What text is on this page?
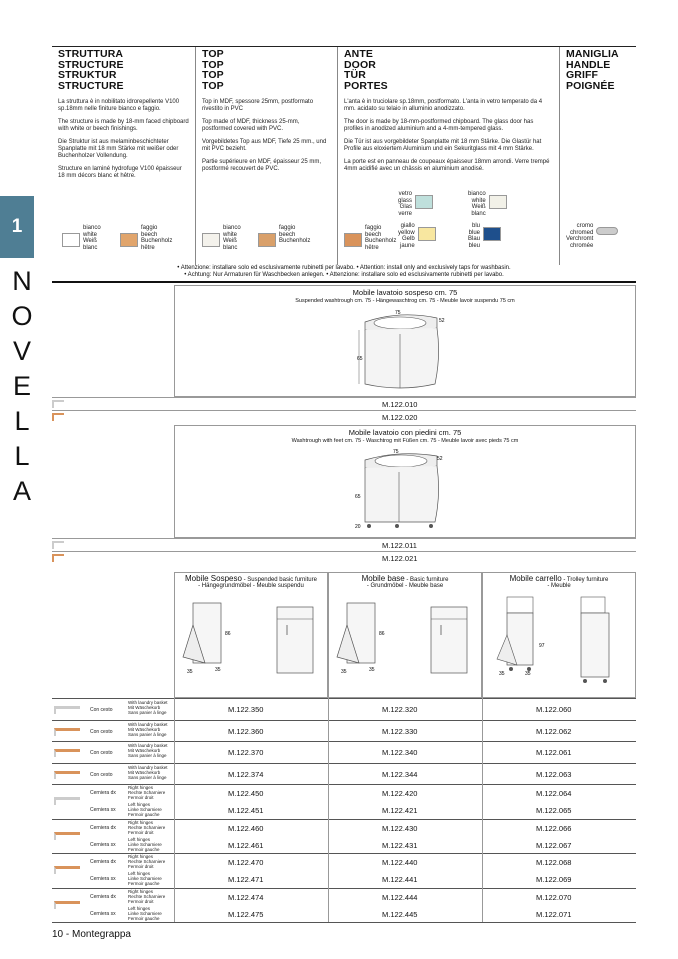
1
N
O
V
E
L
L
A
STRUTTURA
STRUCTURE
STRUKTUR
STRUCTURE
La struttura è in nobilitato idrorepellente V100 sp.18mm nelle finiture bianco e faggio.
The structure is made by 18-mm faced chipboard with white or beech finishings.
Die Struktur ist aus melaminbeschichteter Spanplatte mit 18 mm Stärke mit weißer oder Buchenholzer Vollendung.
Structure en laminé hydrofuge V100 épaisseur 18 mm décors blanc et hêtre.
bianco
white
Weiß
blanc
faggio
beech
Buchenholz
hêtre
TOP
TOP
TOP
TOP
Top in MDF, spessore 25mm, postformato rivestito in PVC
Top made of MDF, thickness 25-mm, postformed covered with PVC.
Vorgebildetes Top aus MDF, Tiefe 25 mm., und mit PVC bezieht.
Partie supérieure en MDF, épaisseur 25 mm, postformé recouvert de PVC.
bianco
white
Weiß
blanc
faggio
beech
Buchenholz
ANTE
DOOR
TÜR
PORTES
L'anta è in truciolare sp.18mm, postformato. L'anta in vetro temperato da 4 mm. acidato su telaio in alluminio anodizzato.
The door is made by 18-mm-postformed chipboard. The glass door has profiles in anodized aluminium and a 4-mm-tempered glass.
Die Tür ist aus vorgebildeter Spanplatte mit 18 mm Stärke. Die Glastür hat Profile aus eloxiertem Aluminium und ein Sekuritglass mit 4 mm Stärke.
La porte est en panneau de coupeaux épaisseur 18mm arrondi. Verre trempé 4mm acidifié avec un châssis en aluminium anodisé.
faggio
beech
Buchenholz
hêtre
vetro
glass
Glas
verre
bianco
white
Weiß
blanc
giallo
yellow
Gelb
jaune
blu
blue
Blau
bleu
MANIGLIA
HANDLE
GRIFF
POIGNÉE
cromo
chromed
Verchromt
chromée
• Attenzione: installare solo ed esclusivamente rubinetti per lavabo. • Attention: install only and exclusively taps for washbasin.
• Achtung: Nur Armaturen für Waschbecken anlegen. • Attenzione: installare solo ed esclusivamente rubinetti per lavabo.
Mobile lavatoio sospeso cm. 75
Suspended washtrough cm. 75 - Hängewaschtrog cm. 75 - Meuble lavoir suspendu 75 cm
65
75
52
M.122.010
M.122.020
Mobile lavatoio con piedini cm. 75
Washtrough with feet cm. 75 - Waschtrog mit Füßen cm. 75 - Meuble lavoir avec pieds 75 cm
75
52
65
20
M.122.011
M.122.021
Mobile Sospeso - Suspended basic furniture
- Hängegrundmöbel - Meuble suspendu
35	35
86
Mobile base - Basic furniture
- Grundmöbel - Meuble base
35	35
86
Mobile carrello - Trolley furniture
- Meuble
35	35
97
Con cesto
With laundry basket
Mit Wäschekorb
Sans panier à linge	M.122.350	M.122.320	M.122.060
Con cesto
With laundry basket
Mit Wäschekorb
Sans panier à linge	M.122.360	M.122.330	M.122.062
Con cesto
With laundry basket
Mit Wäschekorb
Sans panier à linge	M.122.370	M.122.340	M.122.061
Con cesto
With laundry basket
Mit Wäschekorb
Sans panier à linge	M.122.374	M.122.344	M.122.063
Cerniera dx
Right hinges
Rechte Scharniere
Fermoir droit	M.122.450	M.122.420	M.122.064
Cerniera sx
Left hinges
Linke Scharniere
Fermoir gauche	M.122.451	M.122.421	M.122.065
Cerniera dx
Right hinges
Rechte Scharniere
Fermoir droit	M.122.460	M.122.430	M.122.066
Cerniera sx
Left hinges
Linke Scharniere
Fermoir gauche	M.122.461	M.122.431	M.122.067
Cerniera dx
Right hinges
Rechte Scharniere
Fermoir droit	M.122.470	M.122.440	M.122.068
Cerniera sx
Left hinges
Linke Scharniere
Fermoir gauche	M.122.471	M.122.441	M.122.069
Cerniera dx
Right hinges
Rechte Scharniere
Fermoir droit	M.122.474	M.122.444	M.122.070
Cerniera sx
Left hinges
Linke Scharniere
Fermoir gauche	M.122.475	M.122.445	M.122.071
10 - Montegrappa
